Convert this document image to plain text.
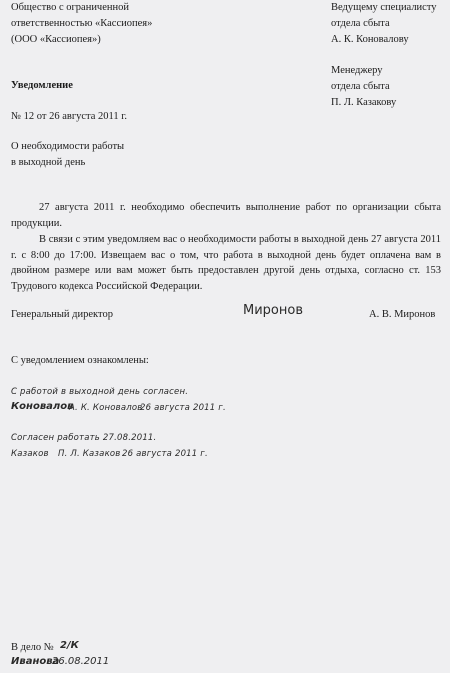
Общество с ограниченной
ответственностью «Кассиопея»
(ООО «Кассиопея»)
Ведущему специалисту
отдела сбыта
А. К. Коновалову
Менеджеру
отдела сбыта
П. Л. Казакову
Уведомление
№ 12 от 26 августа 2011 г.
О необходимости работы
в выходной день
27 августа 2011 г. необходимо обеспечить выполнение работ по организации сбыта продукции.
В связи с этим уведомляем вас о необходимости работы в выходной день 27 августа 2011 г. с 8:00 до 17:00. Извещаем вас о том, что работа в выходной день будет оплачена вам в двойном размере или вам может быть предоставлен другой день отдыха, согласно ст. 153 Трудового кодекса Российской Федерации.
Генеральный директор	Миронов	А. В. Миронов
С уведомлением ознакомлены:
С работой в выходной день согласен.
Коновалов
А. К. Коновалов
26 августа 2011 г.
Согласен работать 27.08.2011.
Казаков П. Л. Казаков 26 августа 2011 г.
В дело № 2/К
Иванова
26.08.2011
